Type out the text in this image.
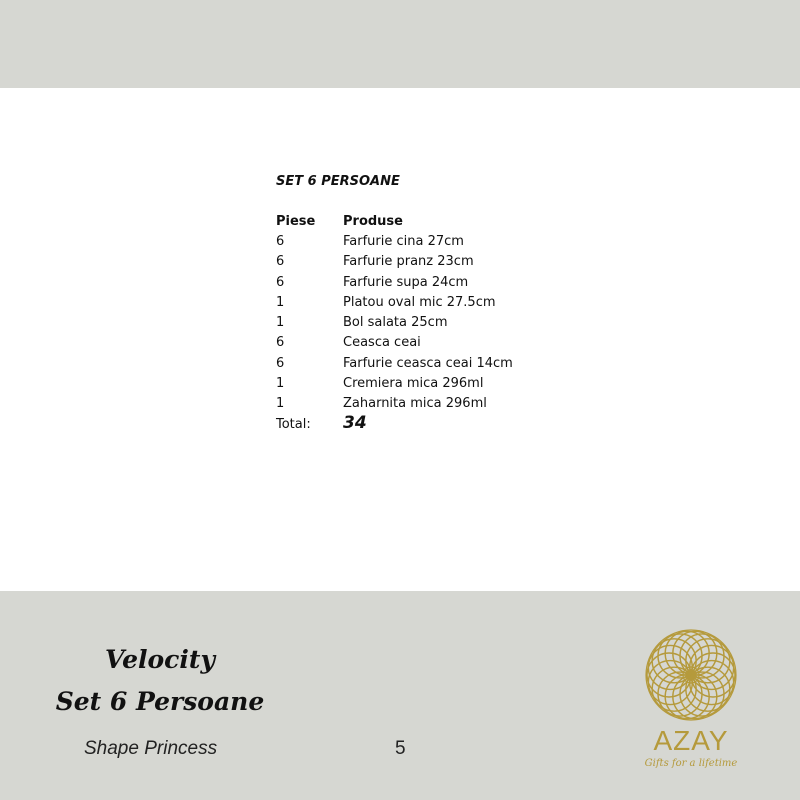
SET 6 PERSOANE
Piese	Produse
6	Farfurie cina 27cm
6	Farfurie pranz 23cm
6	Farfurie supa 24cm
1	Platou oval mic 27.5cm
1	Bol salata 25cm
6	Ceasca ceai
6	Farfurie ceasca ceai 14cm
1	Cremiera mica 296ml
1	Zaharnita mica 296ml
Total:	34
Velocity
Set 6 Persoane
Shape Princess	5	AZAY
Gifts for a lifetime
